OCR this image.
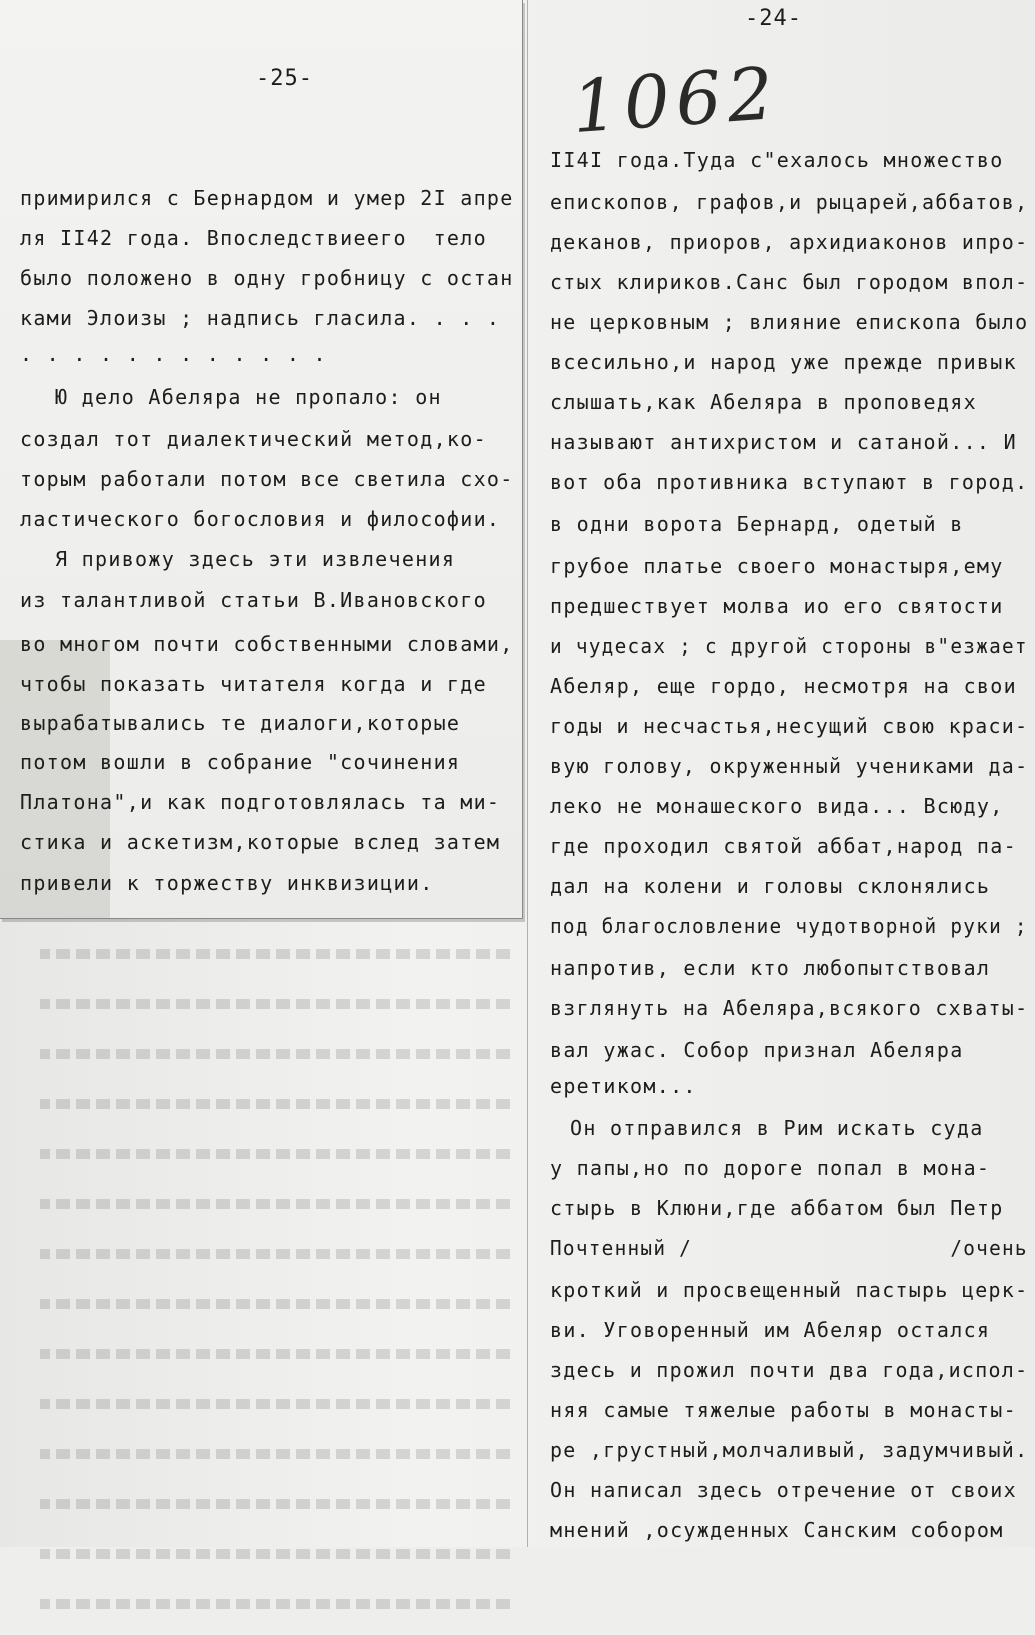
-25-
-24-
1062
примирился с Бернардом и умер 2I апре
ля II42 года. Впоследствиеего  тело
было положено в одну гробницу с остан
ками Элоизы ; надпись гласила. . . .
. . . . . . . . . . . .
Ю дело Абеляра не пропало: он
создал тот диалектический метод,ко-
торым работали потом все светила схо-
ластического богословия и философии.
Я привожу здесь эти извлечения
из талантливой статьи В.Ивановского
во многом почти собственными словами,
чтобы показать читателя когда и где
вырабатывались те диалоги,которые
потом вошли в собрание "сочинения
Платона",и как подготовлялась та ми-
стика и аскетизм,которые вслед затем
привели к торжеству инквизиции.
II4I года.Туда с"ехалось множество
епископов, графов,и рыцарей,аббатов,
деканов, приоров, архидиаконов ипро-
стых клириков.Санс был городом впол-
не церковным ; влияние епископа было
всесильно,и народ уже прежде привык
слышать,как Абеляра в проповедях
называют антихристом и сатаной... И
вот оба противника вступают в город.
в одни ворота Бернард, одетый в
грубое платье своего монастыря,ему
предшествует молва ио его святости
и чудесах ; с другой стороны в"езжает
Абеляр, еще гордо, несмотря на свои
годы и несчастья,несущий свою краси-
вую голову, окруженный учениками да-
леко не монашеского вида... Всюду,
где проходил святой аббат,народ па-
дал на колени и головы склонялись
под благословление чудотворной руки ;
напротив, если кто любопытствовал
взглянуть на Абеляра,всякого схваты-
вал ужас. Собор признал Абеляра
еретиком...
Он отправился в Рим искать суда
у папы,но по дороге попал в мона-
стырь в Клюни,где аббатом был Петр
Почтенный /                    /очень
кроткий и просвещенный пастырь церк-
ви. Уговоренный им Абеляр остался
здесь и прожил почти два года,испол-
няя самые тяжелые работы в монасты-
ре ,грустный,молчаливый, задумчивый.
Он написал здесь отречение от своих
мнений ,осужденных Санским собором
